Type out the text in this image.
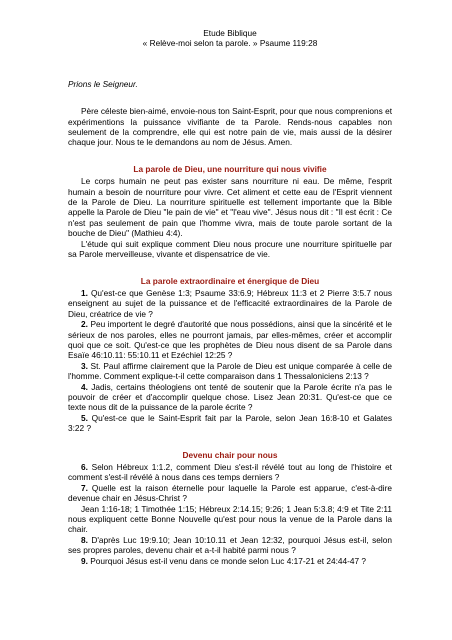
Etude Biblique
« Relève-moi selon ta parole. » Psaume 119:28
Prions le Seigneur.
Père céleste bien-aimé, envoie-nous ton Saint-Esprit, pour que nous comprenions et expérimentions la puissance vivifiante de ta Parole. Rends-nous capables non seulement de la comprendre, elle qui est notre pain de vie, mais aussi de la désirer chaque jour. Nous te le demandons au nom de Jésus. Amen.
La parole de Dieu, une nourriture qui nous vivifie
Le corps humain ne peut pas exister sans nourriture ni eau. De même, l'esprit humain a besoin de nourriture pour vivre. Cet aliment et cette eau de l'Esprit viennent de la Parole de Dieu. La nourriture spirituelle est tellement importante que la Bible appelle la Parole de Dieu "le pain de vie" et "l'eau vive". Jésus nous dit : "Il est écrit : Ce n'est pas seulement de pain que l'homme vivra, mais de toute parole sortant de la bouche de Dieu" (Mathieu 4:4).
L'étude qui suit explique comment Dieu nous procure une nourriture spirituelle par sa Parole merveilleuse, vivante et dispensatrice de vie.
La parole extraordinaire et énergique de Dieu
1. Qu'est-ce que Genèse 1:3; Psaume 33:6.9; Hébreux 11:3 et 2 Pierre 3:5.7 nous enseignent au sujet de la puissance et de l'efficacité extraordinaires de la Parole de Dieu, créatrice de vie ?
2. Peu importent le degré d'autorité que nous possédions, ainsi que la sincérité et le sérieux de nos paroles, elles ne pourront jamais, par elles-mêmes, créer et accomplir quoi que ce soit. Qu'est-ce que les prophètes de Dieu nous disent de sa Parole dans Esaïe 46:10.11: 55:10.11 et Ezéchiel 12:25 ?
3. St. Paul affirme clairement que la Parole de Dieu est unique comparée à celle de l'homme. Comment explique-t-il cette comparaison dans 1 Thessaloniciens 2:13 ?
4. Jadis, certains théologiens ont tenté de soutenir que la Parole écrite n'a pas le pouvoir de créer et d'accomplir quelque chose. Lisez Jean 20:31. Qu'est-ce que ce texte nous dit de la puissance de la parole écrite ?
5. Qu'est-ce que le Saint-Esprit fait par la Parole, selon Jean 16:8-10 et Galates 3:22 ?
Devenu chair pour nous
6. Selon Hébreux 1:1.2, comment Dieu s'est-il révélé tout au long de l'histoire et comment s'est-il révélé à nous dans ces temps derniers ?
7. Quelle est la raison éternelle pour laquelle la Parole est apparue, c'est-à-dire devenue chair en Jésus-Christ ?
Jean 1:16-18; 1 Timothée 1:15; Hébreux 2:14.15; 9:26; 1 Jean 5:3.8; 4:9 et Tite 2:11 nous expliquent cette Bonne Nouvelle qu'est pour nous la venue de la Parole dans la chair.
8. D'après Luc 19:9.10; Jean 10:10.11 et Jean 12:32, pourquoi Jésus est-il, selon ses propres paroles, devenu chair et a-t-il habité parmi nous ?
9. Pourquoi Jésus est-il venu dans ce monde selon Luc 4:17-21 et 24:44-47 ?
